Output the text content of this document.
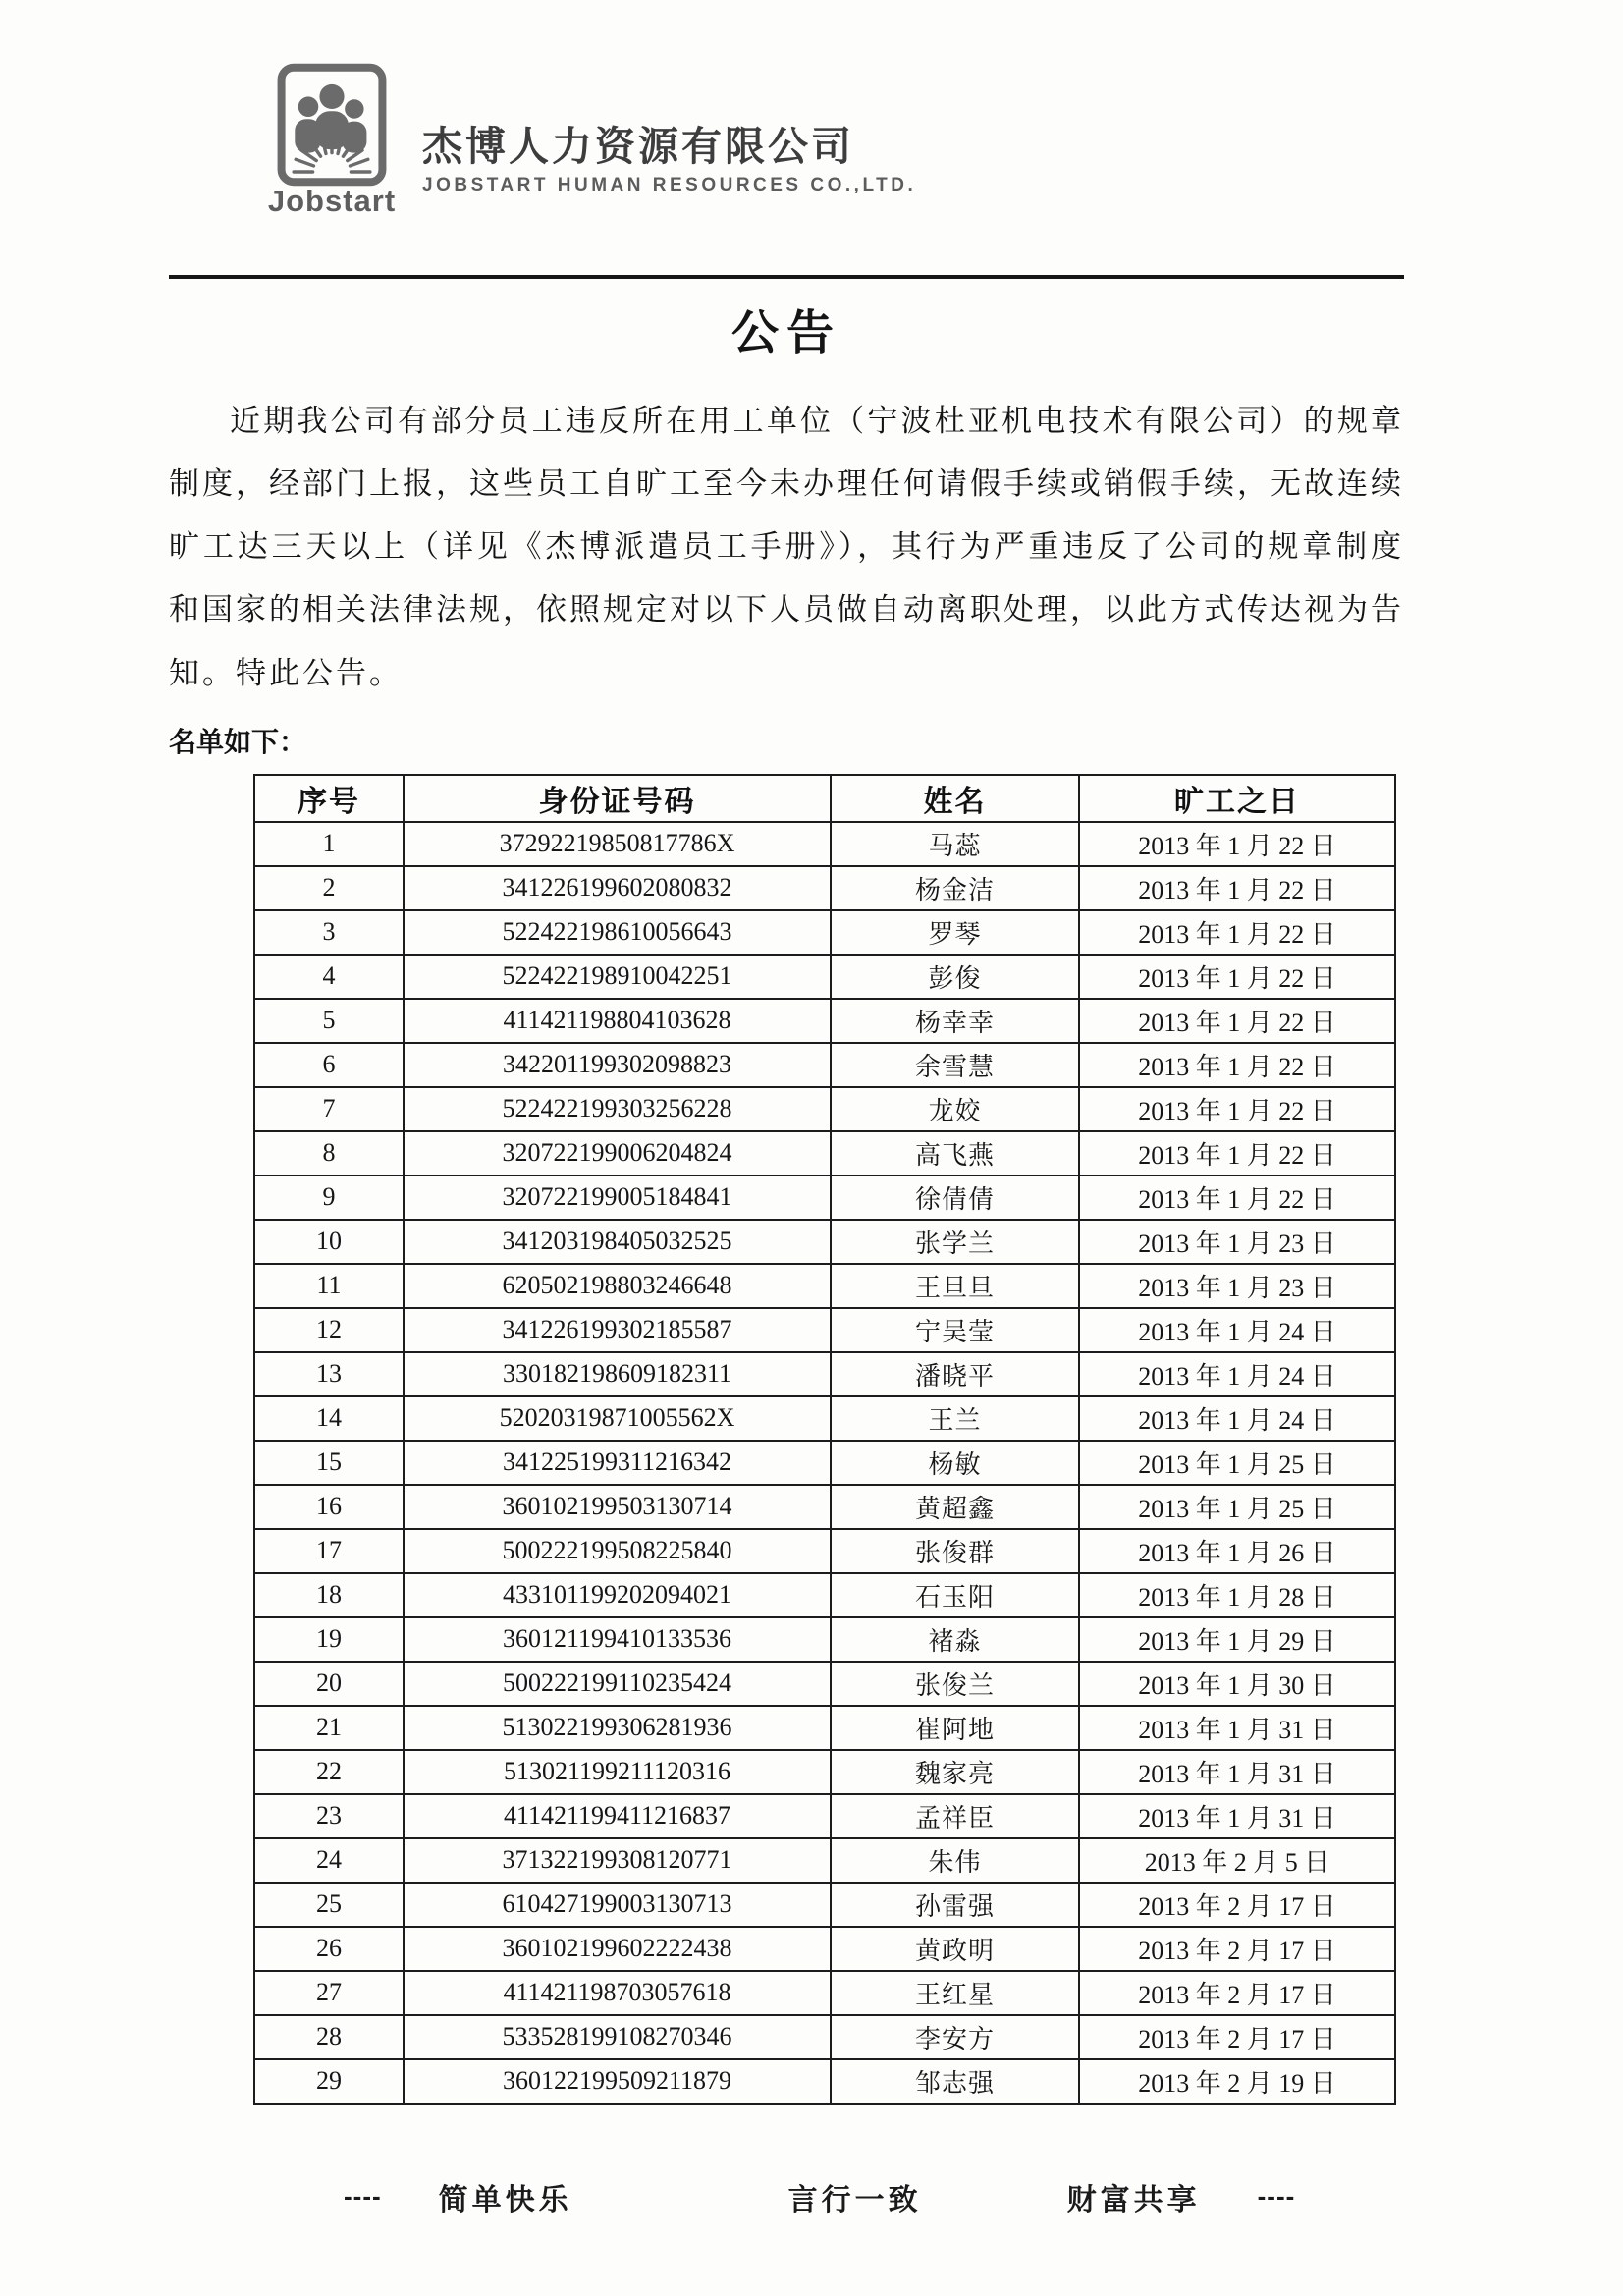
Jobstart
杰博人力资源有限公司
JOBSTART HUMAN RESOURCES CO.,LTD.
公告

近期我公司有部分员工违反所在用工单位（宁波杜亚机电技术有限公司）的规章制度，经部门上报，这些员工自旷工至今未办理任何请假手续或销假手续，无故连续旷工达三天以上（详见《杰博派遣员工手册》），其行为严重违反了公司的规章制度和国家的相关法律法规，依照规定对以下人员做自动离职处理，以此方式传达视为告知。特此公告。

名单如下：
序号	身份证号码	姓名	旷工之日
1	37292219850817786X	马蕊	2013 年 1 月 22 日
2	341226199602080832	杨金洁	2013 年 1 月 22 日
3	522422198610056643	罗琴	2013 年 1 月 22 日
4	522422198910042251	彭俊	2013 年 1 月 22 日
5	411421198804103628	杨幸幸	2013 年 1 月 22 日
6	342201199302098823	余雪慧	2013 年 1 月 22 日
7	522422199303256228	龙姣	2013 年 1 月 22 日
8	320722199006204824	高飞燕	2013 年 1 月 22 日
9	320722199005184841	徐倩倩	2013 年 1 月 22 日
10	341203198405032525	张学兰	2013 年 1 月 23 日
11	620502198803246648	王旦旦	2013 年 1 月 23 日
12	341226199302185587	宁吴莹	2013 年 1 月 24 日
13	330182198609182311	潘晓平	2013 年 1 月 24 日
14	52020319871005562X	王兰	2013 年 1 月 24 日
15	341225199311216342	杨敏	2013 年 1 月 25 日
16	360102199503130714	黄超鑫	2013 年 1 月 25 日
17	500222199508225840	张俊群	2013 年 1 月 26 日
18	433101199202094021	石玉阳	2013 年 1 月 28 日
19	360121199410133536	褚淼	2013 年 1 月 29 日
20	500222199110235424	张俊兰	2013 年 1 月 30 日
21	513022199306281936	崔阿地	2013 年 1 月 31 日
22	513021199211120316	魏家亮	2013 年 1 月 31 日
23	411421199411216837	孟祥臣	2013 年 1 月 31 日
24	371322199308120771	朱伟	2013 年 2 月 5 日
25	610427199003130713	孙雷强	2013 年 2 月 17 日
26	360102199602222438	黄政明	2013 年 2 月 17 日
27	411421198703057618	王红星	2013 年 2 月 17 日
28	533528199108270346	李安方	2013 年 2 月 17 日
29	360122199509211879	邹志强	2013 年 2 月 19 日
---- 简单快乐	言行一致	财富共享 ----
